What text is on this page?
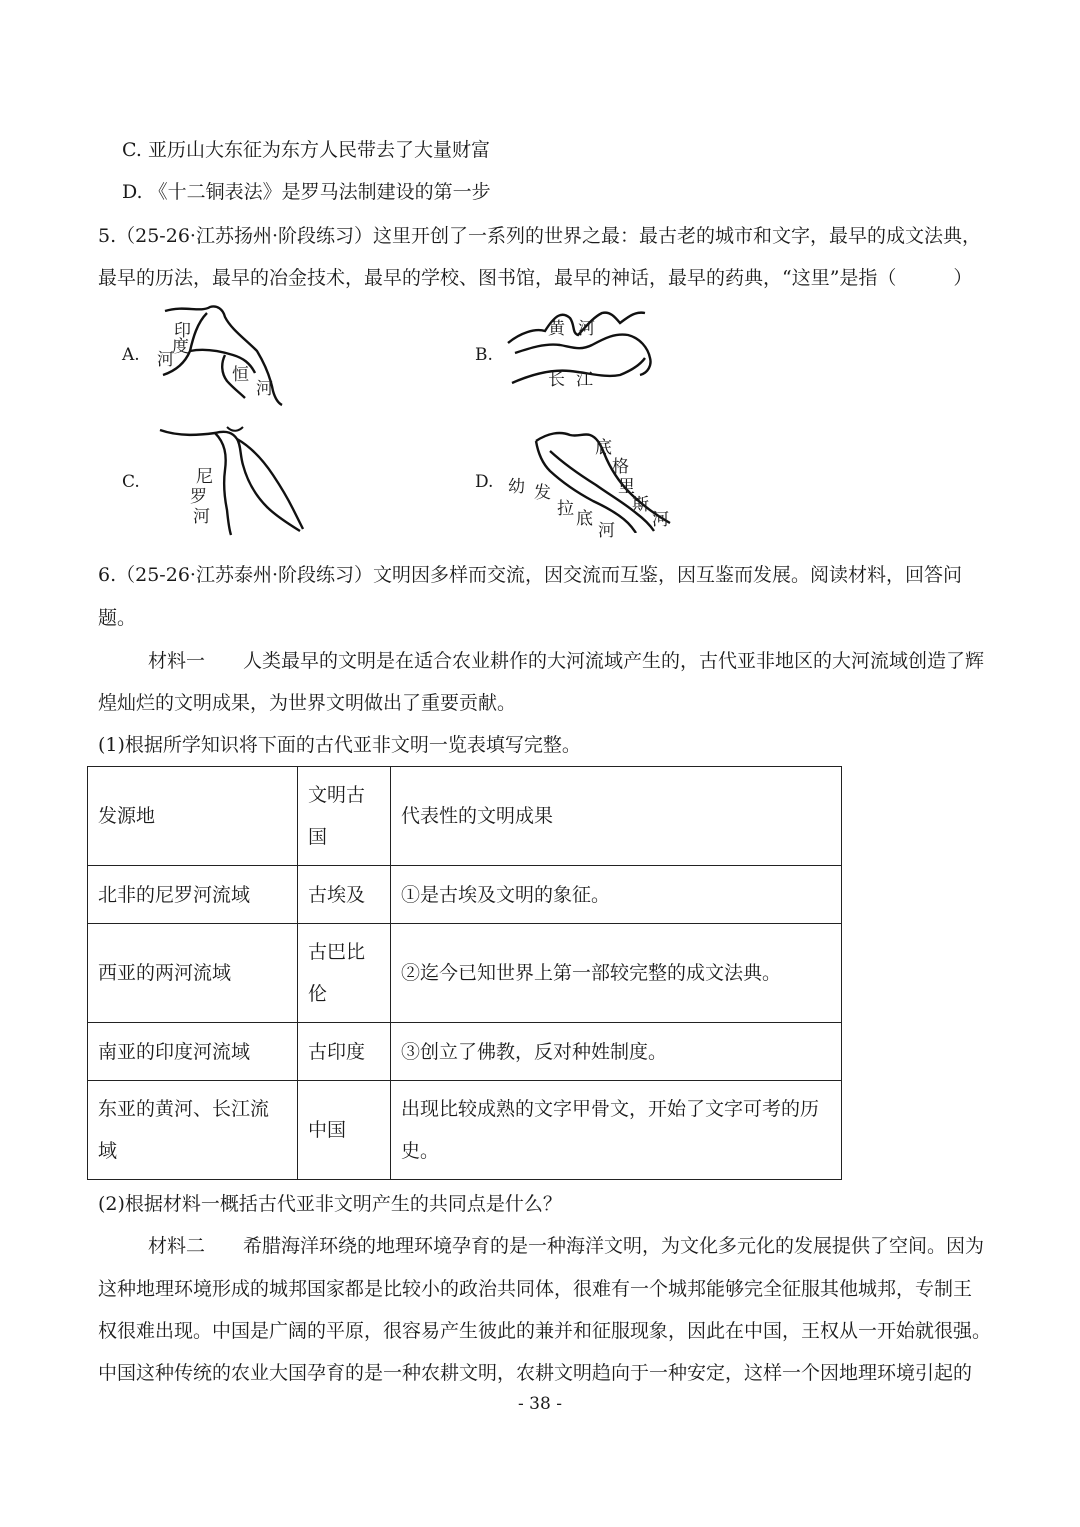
C. 亚历山大东征为东方人民带去了大量财富
D. 《十二铜表法》是罗马法制建设的第一步
5.（25-26·江苏扬州·阶段练习）这里开创了一系列的世界之最：最古老的城市和文字，最早的成文法典，
最早的历法，最早的冶金技术，最早的学校、图书馆，最早的神话，最早的药典，“这里”是指（　　　）
A.
印
度
河
恒
河
B.
黄 河
长 江
C.	尼
罗
河
D.
底
格
里
斯
河
幼 发
拉 底
河
6.（25-26·江苏泰州·阶段练习）文明因多样而交流，因交流而互鉴，因互鉴而发展。阅读材料，回答问
题。
材料一　　人类最早的文明是在适合农业耕作的大河流域产生的，古代亚非地区的大河流域创造了辉
煌灿烂的文明成果，为世界文明做出了重要贡献。
(1)根据所学知识将下面的古代亚非文明一览表填写完整。
发源地	文明古国	代表性的文明成果
北非的尼罗河流域	古埃及	①是古埃及文明的象征。
西亚的两河流域	古巴比伦	②迄今已知世界上第一部较完整的成文法典。
南亚的印度河流域	古印度	③创立了佛教，反对种姓制度。
东亚的黄河、长江流域	中国	出现比较成熟的文字甲骨文，开始了文字可考的历史。
(2)根据材料一概括古代亚非文明产生的共同点是什么？
材料二　　希腊海洋环绕的地理环境孕育的是一种海洋文明，为文化多元化的发展提供了空间。因为
这种地理环境形成的城邦国家都是比较小的政治共同体，很难有一个城邦能够完全征服其他城邦，专制王
权很难出现。中国是广阔的平原，很容易产生彼此的兼并和征服现象，因此在中国，王权从一开始就很强。
中国这种传统的农业大国孕育的是一种农耕文明，农耕文明趋向于一种安定，这样一个因地理环境引起的
- 38 -
